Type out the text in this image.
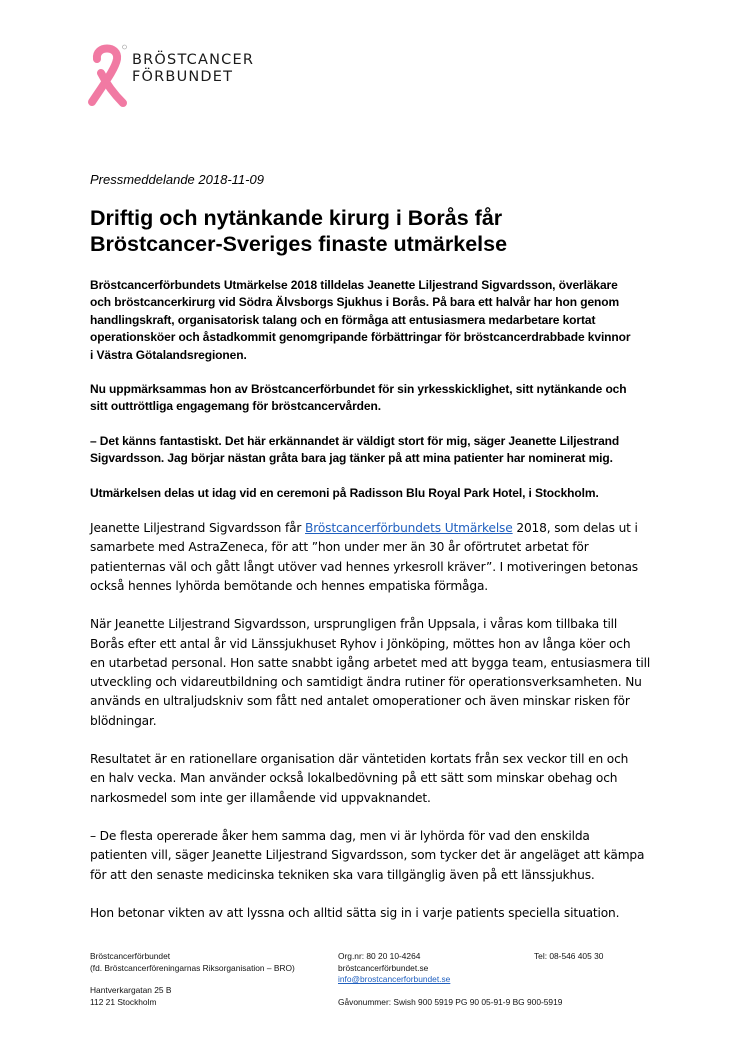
BRÖSTCANCER
FÖRBUNDET
Pressmeddelande 2018-11-09
Driftig och nytänkande kirurg i Borås får
Bröstcancer-Sveriges finaste utmärkelse
Bröstcancerförbundets Utmärkelse 2018 tilldelas Jeanette Liljestrand Sigvardsson, överläkare
och bröstcancerkirurg vid Södra Älvsborgs Sjukhus i Borås. På bara ett halvår har hon genom
handlingskraft, organisatorisk talang och en förmåga att entusiasmera medarbetare kortat
operationsköer och åstadkommit genomgripande förbättringar för bröstcancerdrabbade kvinnor
i Västra Götalandsregionen.
Nu uppmärksammas hon av Bröstcancerförbundet för sin yrkesskicklighet, sitt nytänkande och
sitt outtröttliga engagemang för bröstcancervården.
– Det känns fantastiskt. Det här erkännandet är väldigt stort för mig, säger Jeanette Liljestrand
Sigvardsson. Jag börjar nästan gråta bara jag tänker på att mina patienter har nominerat mig.
Utmärkelsen delas ut idag vid en ceremoni på Radisson Blu Royal Park Hotel, i Stockholm.
Jeanette Liljestrand Sigvardsson får Bröstcancerförbundets Utmärkelse 2018, som delas ut i
samarbete med AstraZeneca, för att ”hon under mer än 30 år oförtrutet arbetat för
patienternas väl och gått långt utöver vad hennes yrkesroll kräver”. I motiveringen betonas
också hennes lyhörda bemötande och hennes empatiska förmåga.
När Jeanette Liljestrand Sigvardsson, ursprungligen från Uppsala, i våras kom tillbaka till
Borås efter ett antal år vid Länssjukhuset Ryhov i Jönköping, möttes hon av långa köer och
en utarbetad personal. Hon satte snabbt igång arbetet med att bygga team, entusiasmera till
utveckling och vidareutbildning och samtidigt ändra rutiner för operationsverksamheten. Nu
används en ultraljudskniv som fått ned antalet omoperationer och även minskar risken för
blödningar.
Resultatet är en rationellare organisation där väntetiden kortats från sex veckor till en och
en halv vecka. Man använder också lokalbedövning på ett sätt som minskar obehag och
narkosmedel som inte ger illamående vid uppvaknandet.
– De flesta opererade åker hem samma dag, men vi är lyhörda för vad den enskilda
patienten vill, säger Jeanette Liljestrand Sigvardsson, som tycker det är angeläget att kämpa
för att den senaste medicinska tekniken ska vara tillgänglig även på ett länssjukhus.
Hon betonar vikten av att lyssna och alltid sätta sig in i varje patients speciella situation.
Bröstcancerförbundet
(fd. Bröstcancerföreningarnas Riksorganisation – BRO)
Hantverkargatan 25 B
112 21 Stockholm
Org.nr: 80 20 10-4264
bröstcancerförbundet.se
info@brostcancerforbundet.se
Gåvonummer: Swish 900 5919 PG 90 05-91-9 BG 900-5919
Tel: 08-546 405 30
